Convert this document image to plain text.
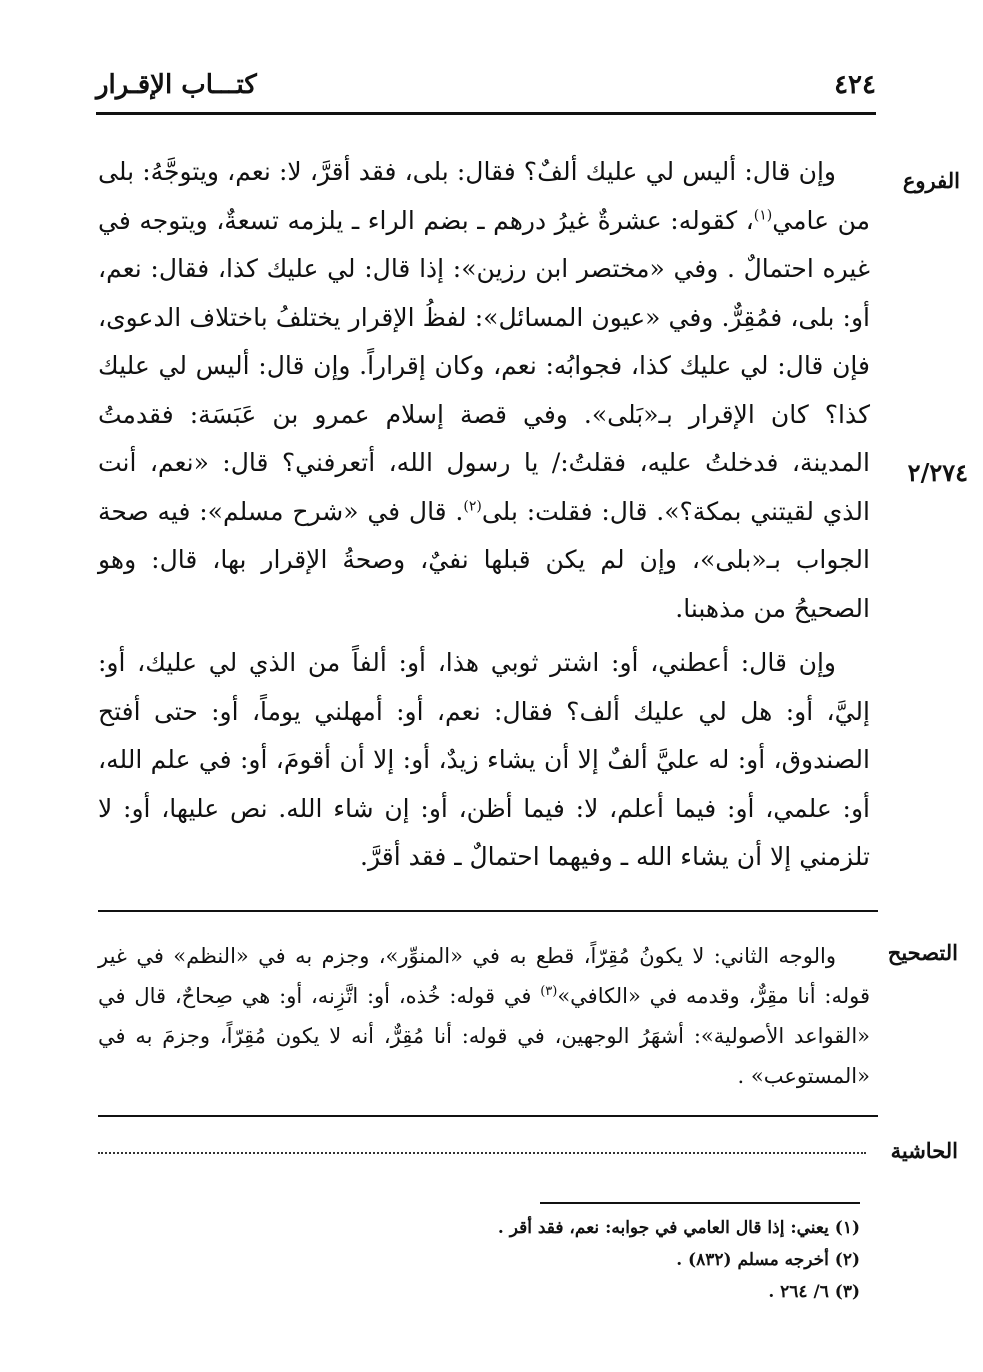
٤٢٤
كتـــاب الإقـرار
الفروع
٢/٢٧٤

وإن قال: أليس لي عليك ألفٌ؟ فقال: بلى، فقد أقرَّ، لا: نعم، ويتوجَّهُ: بلى من عامي$^{(١)}$، كقوله: عشرةٌ غيرُ درهم ـ بضم الراء ـ يلزمه تسعةٌ، ويتوجه في غيره احتمالٌ . وفي «مختصر ابن رزين»: إذا قال: لي عليك كذا، فقال: نعم، أو: بلى، فمُقِرٌّ. وفي «عيون المسائل»: لفظُ الإقرار يختلفُ باختلاف الدعوى، فإن قال: لي عليك كذا، فجوابُه: نعم، وكان إقراراً. وإن قال: أليس لي عليك كذا؟ كان الإقرار بـ«بَلى». وفي قصة إسلام عمرو بن عَبَسَة: فقدمتُ المدينة، فدخلتُ عليه، فقلتُ:/ يا رسول الله، أتعرفني؟ قال: «نعم، أنت الذي لقيتني بمكة؟». قال: فقلت: بلى$^{(٢)}$. قال في «شرح مسلم»: فيه صحة الجواب بـ«بلى»، وإن لم يكن قبلها نفيٌ، وصحةُ الإقرار بها، قال: وهو الصحيحُ من مذهبنا.

وإن قال: أعطني، أو: اشتر ثوبي هذا، أو: ألفاً من الذي لي عليك، أو: إليَّ، أو: هل لي عليك ألف؟ فقال: نعم، أو: أمهلني يوماً، أو: حتى أفتح الصندوق، أو: له عليَّ ألفٌ إلا أن يشاء زيدٌ، أو: إلا أن أقومَ، أو: في علم الله، أو: علمي، أو: فيما أعلم، لا: فيما أظن، أو: إن شاء الله. نص عليها، أو: لا تلزمني إلا أن يشاء الله ـ وفيهما احتمالٌ ـ فقد أقرَّ.

التصحيح

والوجه الثاني: لا يكونُ مُقِرّاً، قطع به في «المنوِّر»، وجزم به في «النظم» في غير قوله: أنا مقِرٌّ، وقدمه في «الكافي»$^{(٣)}$ في قوله: خُذه، أو: اتَّزِنه، أو: هي صِحاحٌ، قال في «القواعد الأصولية»: أشهَرُ الوجهين، في قوله: أنا مُقِرٌّ، أنه لا يكون مُقِرّاً، وجزمَ به في «المستوعب» .

الحاشية
(١) يعني: إذا قال العامي في جوابه: نعم، فقد أقر .
(٢) أخرجه مسلم (٨٣٢) .
(٣) ٦/ ٢٦٤ .
